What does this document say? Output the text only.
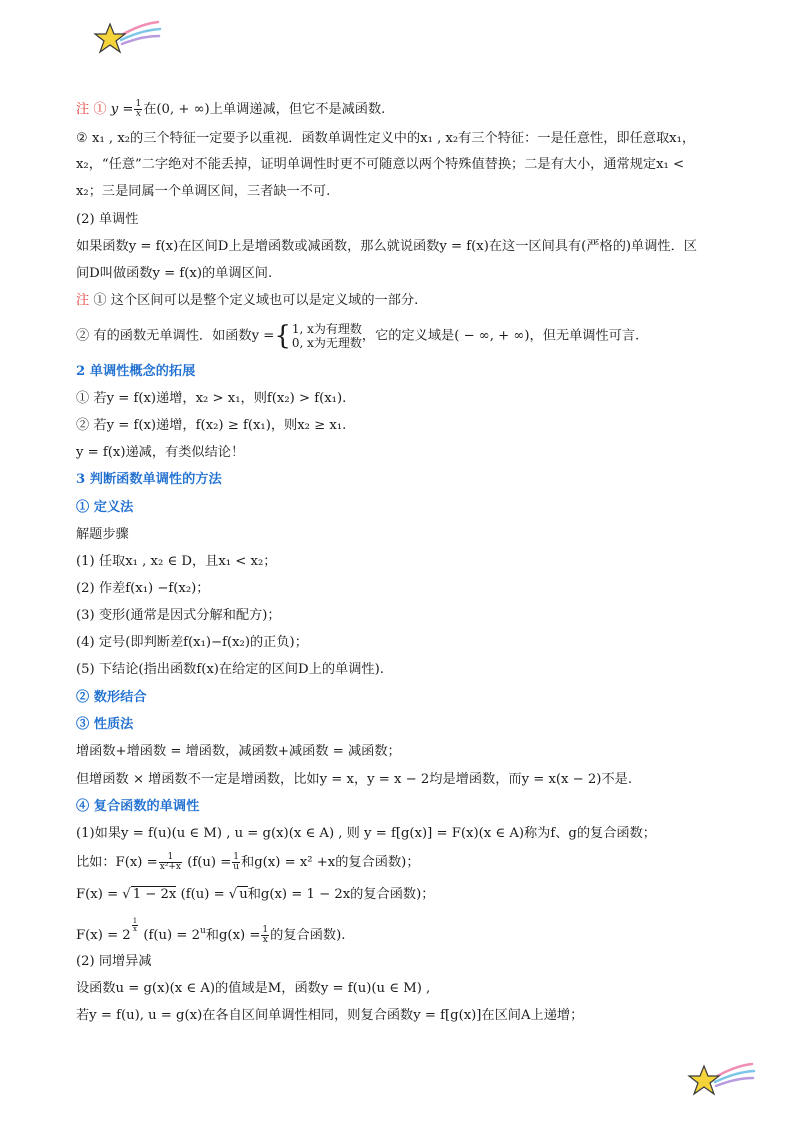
注 ① $y = \frac{1}{x}$ 在(0, + ∞)上单调递减，但它不是减函数.
② x₁ , x₂的三个特征一定要予以重视．函数单调性定义中的x₁ , x₂有三个特征：一是任意性，即任意取x₁，
x₂，“任意”二字绝对不能丢掉，证明单调性时更不可随意以两个特殊值替换；二是有大小，通常规定x₁ <
x₂；三是同属一个单调区间，三者缺一不可.
(2) 单调性
如果函数y = f(x)在区间D上是增函数或减函数，那么就说函数y = f(x)在这一区间具有(严格的)单调性．区
间D叫做函数y = f(x)的单调区间.
注 ① 这个区间可以是整个定义域也可以是定义域的一部分.
② 有的函数无单调性．如函数y ={ 1, x为有理数
0, x为无理数 ，它的定义域是( − ∞, + ∞)，但无单调性可言.
2 单调性概念的拓展
① 若y = f(x)递增，x₂ > x₁，则f(x₂) > f(x₁).
② 若y = f(x)递增，f(x₂) ≥ f(x₁)，则x₂ ≥ x₁.
y = f(x)递减，有类似结论！
3 判断函数单调性的方法
① 定义法
解题步骤
(1) 任取x₁ , x₂ ∈ D，且x₁ < x₂；
(2) 作差f(x₁) −f(x₂)；
(3) 变形(通常是因式分解和配方)；
(4) 定号(即判断差f(x₁)−f(x₂)的正负)；
(5) 下结论(指出函数f(x)在给定的区间D上的单调性).
② 数形结合
③ 性质法
增函数+增函数 = 增函数，减函数+减函数 = 减函数；
但增函数 × 增函数不一定是增函数，比如y = x，y = x − 2均是增函数，而y = x(x − 2)不是.
④ 复合函数的单调性
(1)如果y = f(u)(u ∈ M) , u = g(x)(x ∈ A) , 则 y = f[g(x)] = F(x)(x ∈ A)称为f、g的复合函数；
比如：$F(x) = \frac{1}{\text{x²+x}} (f(u) = \frac{1}{u}$ 和g(x) = x² +x的复合函数)；
F(x) = √ 1 − 2x (f(u) = √ u和g(x) = 1 − 2x的复合函数)；
F(x) = 2
$\frac{1}{x}$
($f(u) = 2^u$和$g(x) = \frac{1}{x}$ 的复合函数).
(2) 同增异减
设函数u = g(x)(x ∈ A)的值域是M，函数y = f(u)(u ∈ M) ,
若y = f(u), u = g(x)在各自区间单调性相同，则复合函数y = f[g(x)]在区间A上递增；
